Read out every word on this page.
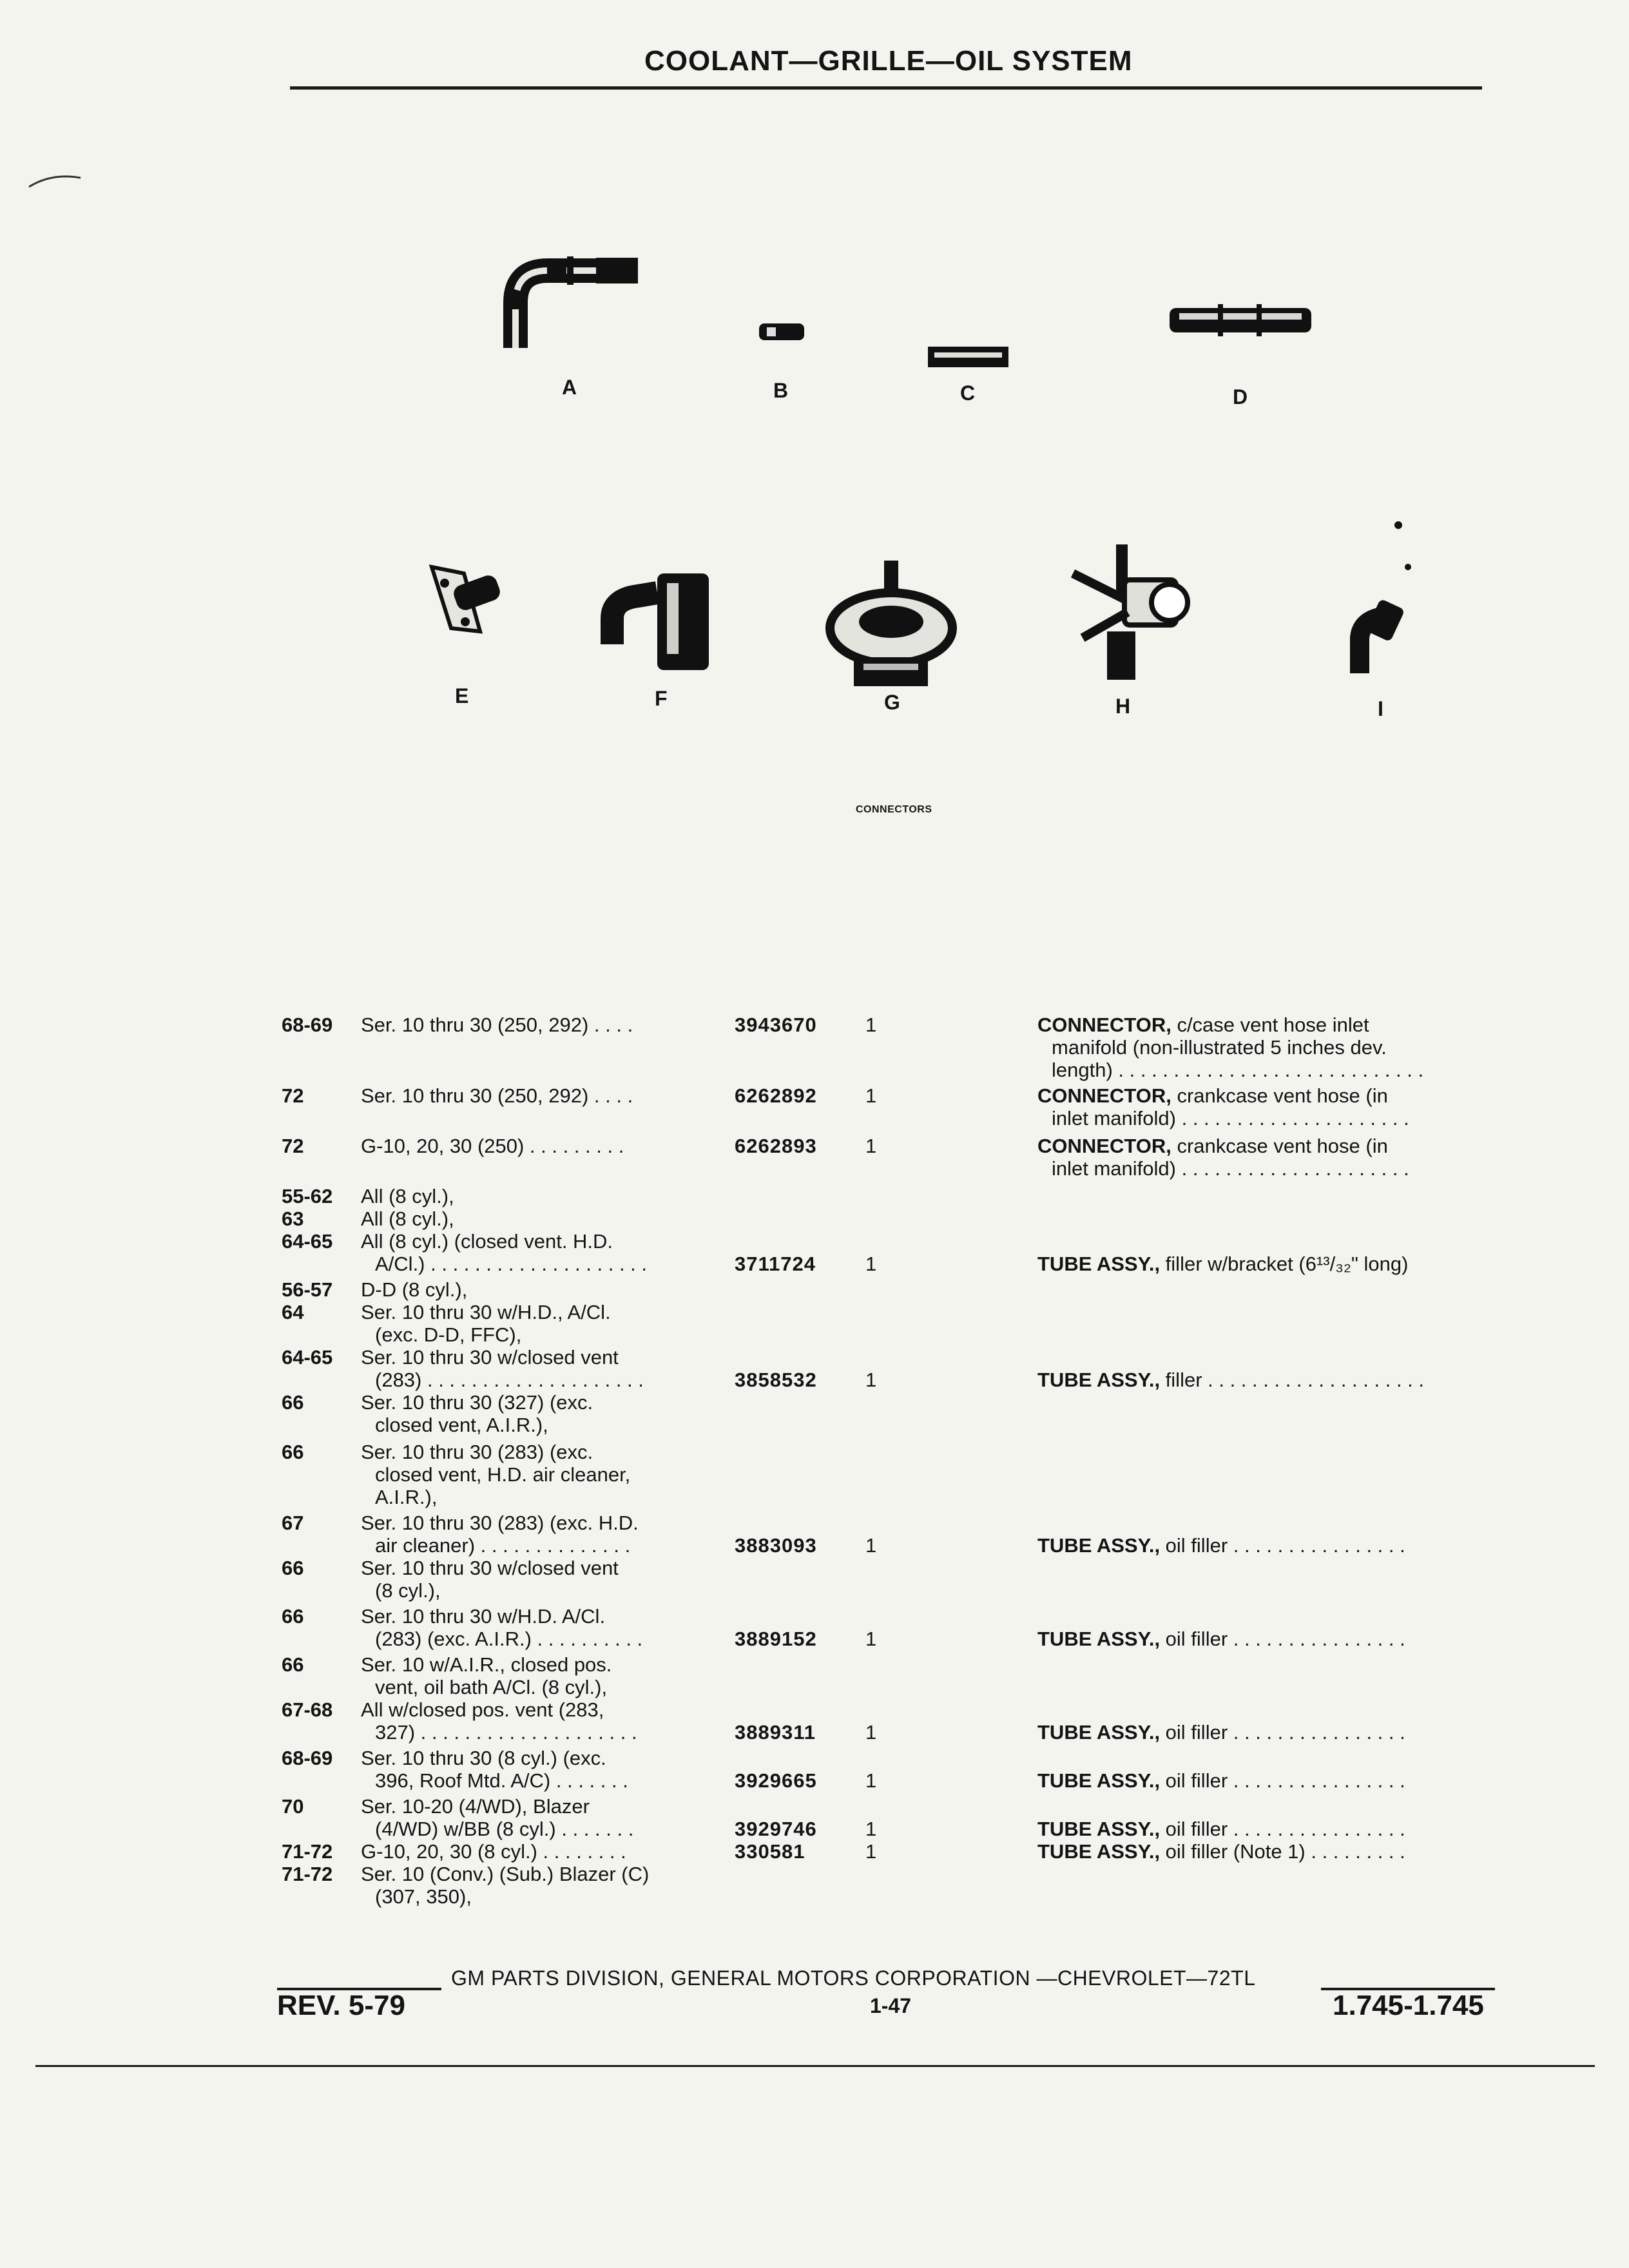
COOLANT—GRILLE—OIL SYSTEM
A	B	C	D
E	F	G	H	I
CONNECTORS
68-69 Ser. 10 thru 30 (250, 292) . . . .	3943670 1	CONNECTOR, c/case vent hose inlet
manifold (non-illustrated 5 inches dev.
length) . . . . . . . . . . . . . . . . . . . . . . . . . . . .
72	Ser. 10 thru 30 (250, 292) . . . .	6262892 1	CONNECTOR, crankcase vent hose (in
inlet manifold) . . . . . . . . . . . . . . . . . . . . .
72	G-10, 20, 30 (250) . . . . . . . . .	6262893 1	CONNECTOR, crankcase vent hose (in
inlet manifold) . . . . . . . . . . . . . . . . . . . . .
55-62 All (8 cyl.),
63	All (8 cyl.),
64-65 All (8 cyl.) (closed vent. H.D.
A/Cl.) . . . . . . . . . . . . . . . . . . . .	3711724 1	TUBE ASSY., filler w/bracket (6¹³/₃₂" long)
56-57 D-D (8 cyl.),
64	Ser. 10 thru 30 w/H.D., A/Cl.
(exc. D-D, FFC),
64-65 Ser. 10 thru 30 w/closed vent
(283) . . . . . . . . . . . . . . . . . . . .	3858532 1	TUBE ASSY., filler . . . . . . . . . . . . . . . . . . . .
66	Ser. 10 thru 30 (327) (exc.
closed vent, A.I.R.),
66	Ser. 10 thru 30 (283) (exc.
closed vent, H.D. air cleaner,
A.I.R.),
67	Ser. 10 thru 30 (283) (exc. H.D.
air cleaner) . . . . . . . . . . . . . .	3883093 1	TUBE ASSY., oil filler . . . . . . . . . . . . . . . .
66	Ser. 10 thru 30 w/closed vent
(8 cyl.),
66	Ser. 10 thru 30 w/H.D. A/Cl.
(283) (exc. A.I.R.) . . . . . . . . . .	3889152 1	TUBE ASSY., oil filler . . . . . . . . . . . . . . . .
66	Ser. 10 w/A.I.R., closed pos.
vent, oil bath A/Cl. (8 cyl.),
67-68 All w/closed pos. vent (283,
327) . . . . . . . . . . . . . . . . . . . .	3889311 1	TUBE ASSY., oil filler . . . . . . . . . . . . . . . .
68-69 Ser. 10 thru 30 (8 cyl.) (exc.
396, Roof Mtd. A/C) . . . . . . .	3929665 1	TUBE ASSY., oil filler . . . . . . . . . . . . . . . .
70	Ser. 10-20 (4/WD), Blazer
(4/WD) w/BB (8 cyl.) . . . . . . .	3929746 1	TUBE ASSY., oil filler . . . . . . . . . . . . . . . .
71-72 G-10, 20, 30 (8 cyl.) . . . . . . . .	330581	1	TUBE ASSY., oil filler (Note 1) . . . . . . . . .
71-72 Ser. 10 (Conv.) (Sub.) Blazer (C)
(307, 350),
GM PARTS DIVISION, GENERAL MOTORS CORPORATION —CHEVROLET—72TL
REV. 5-79	1-47	1.745-1.745
